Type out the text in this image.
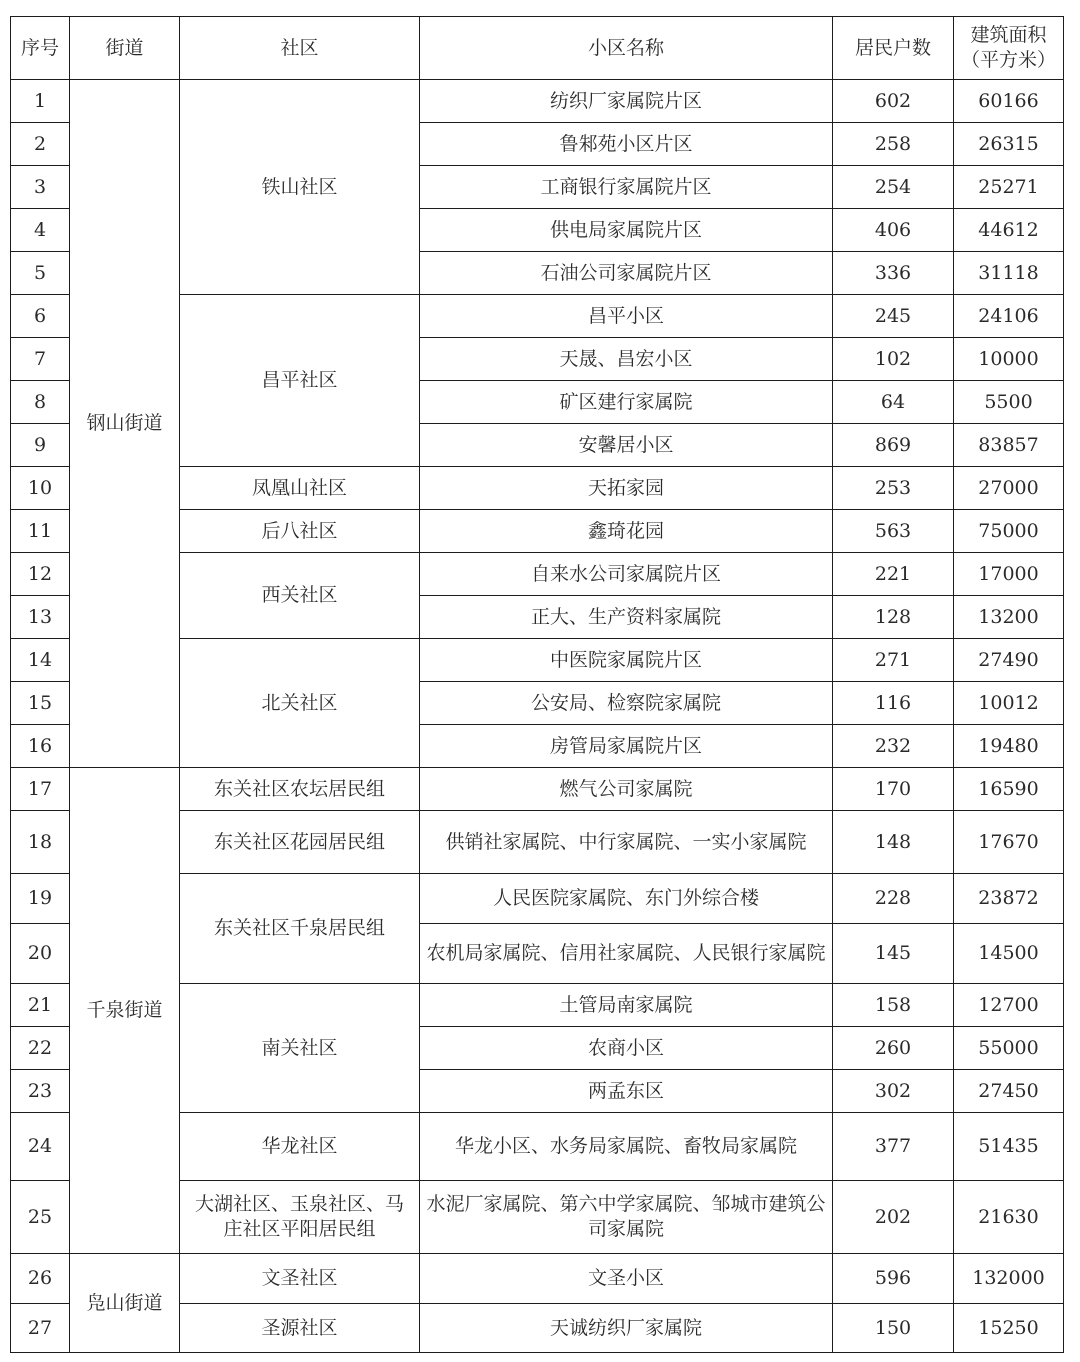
序号	街道	社区	小区名称	居民户数	建筑面积
（平方米）

1	钢山街道	铁山社区	纺织厂家属院片区	602	60166
2			鲁邾苑小区片区	258	26315
3			工商银行家属院片区	254	25271
4			供电局家属院片区	406	44612
5			石油公司家属院片区	336	31118
6		昌平社区	昌平小区	245	24106
7			天晟、昌宏小区	102	10000
8			矿区建行家属院	64	5500
9			安馨居小区	869	83857
10		凤凰山社区	天拓家园	253	27000
11		后八社区	鑫琦花园	563	75000
12		西关社区	自来水公司家属院片区	221	17000
13			正大、生产资料家属院	128	13200
14		北关社区	中医院家属院片区	271	27490
15			公安局、检察院家属院	116	10012
16			房管局家属院片区	232	19480
17	千泉街道	东关社区农坛居民组	燃气公司家属院	170	16590
18		东关社区花园居民组	供销社家属院、中行家属院、一实小家属院	148	17670
19		东关社区千泉居民组	人民医院家属院、东门外综合楼	228	23872
20			农机局家属院、信用社家属院、人民银行家属院	145	14500
21		南关社区	土管局南家属院	158	12700
22			农商小区	260	55000
23			两孟东区	302	27450
24		华龙社区	华龙小区、水务局家属院、畜牧局家属院	377	51435
25		大湖社区、玉泉社区、马庄社区平阳居民组	水泥厂家属院、第六中学家属院、邹城市建筑公司家属院	202	21630
26	凫山街道	文圣社区	文圣小区	596	132000
27		圣源社区	天诚纺织厂家属院	150	15250
